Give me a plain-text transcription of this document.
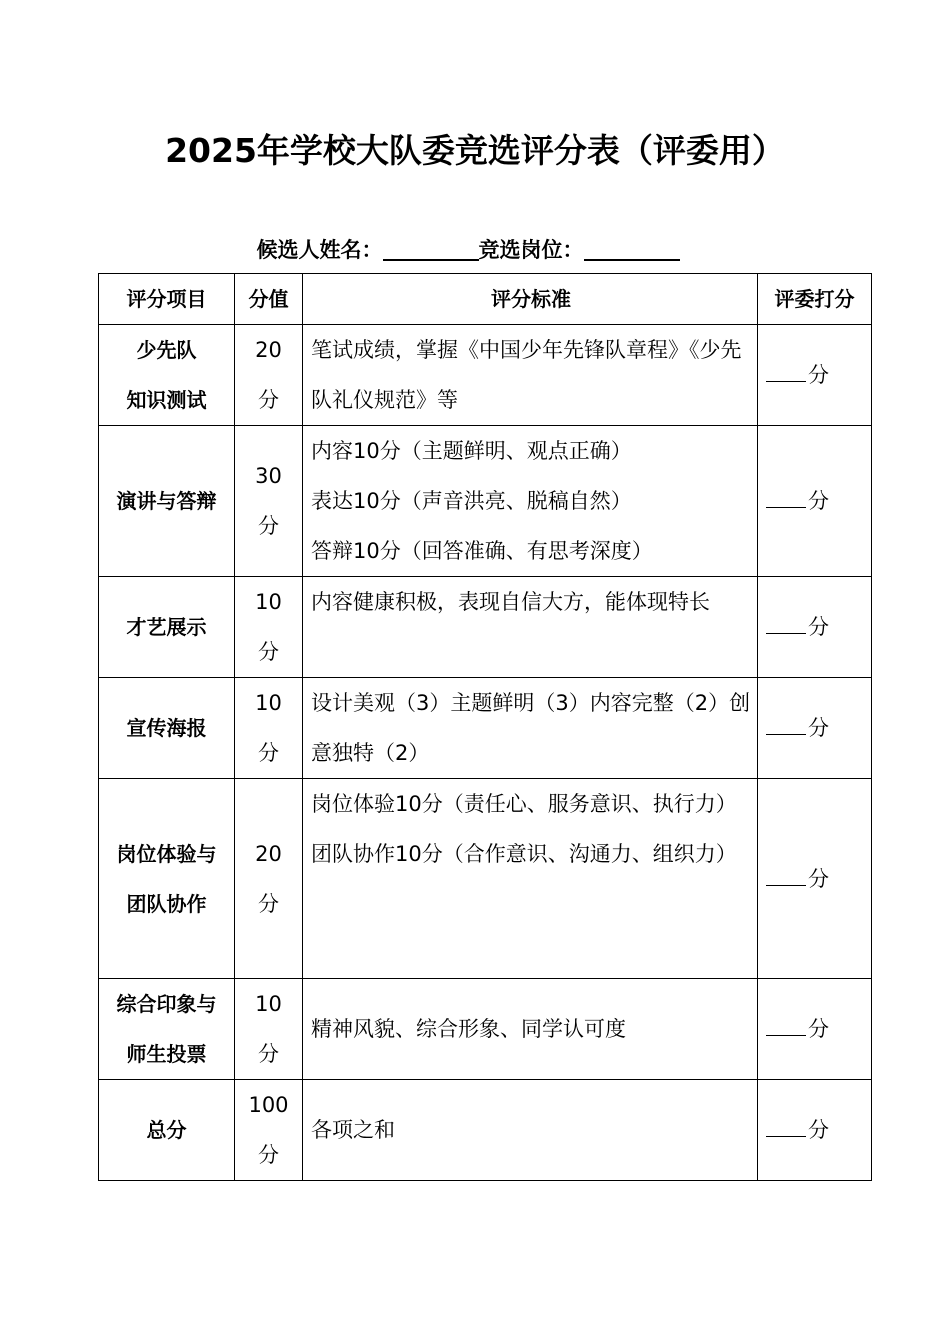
2025年学校大队委竞选评分表（评委用）
候选人姓名：	竞选岗位：
评分项目	分值	评分标准	评委打分

少先队
知识测试	20
分	笔试成绩，掌握《中国少年先锋队章程》《少先队礼仪规范》等	分

演讲与答辩	30
分	内容10分（主题鲜明、观点正确）
表达10分（声音洪亮、脱稿自然）
答辩10分（回答准确、有思考深度）	分

才艺展示	10
分	内容健康积极，表现自信大方，能体现特长	分

宣传海报	10
分	设计美观（3）主题鲜明（3）内容完整（2）创意独特（2）	分

岗位体验与
团队协作	20
分	岗位体验10分（责任心、服务意识、执行力）
团队协作10分（合作意识、沟通力、组织力）	分

综合印象与
师生投票	10
分	精神风貌、综合形象、同学认可度	分

总分	100
分	各项之和	分
